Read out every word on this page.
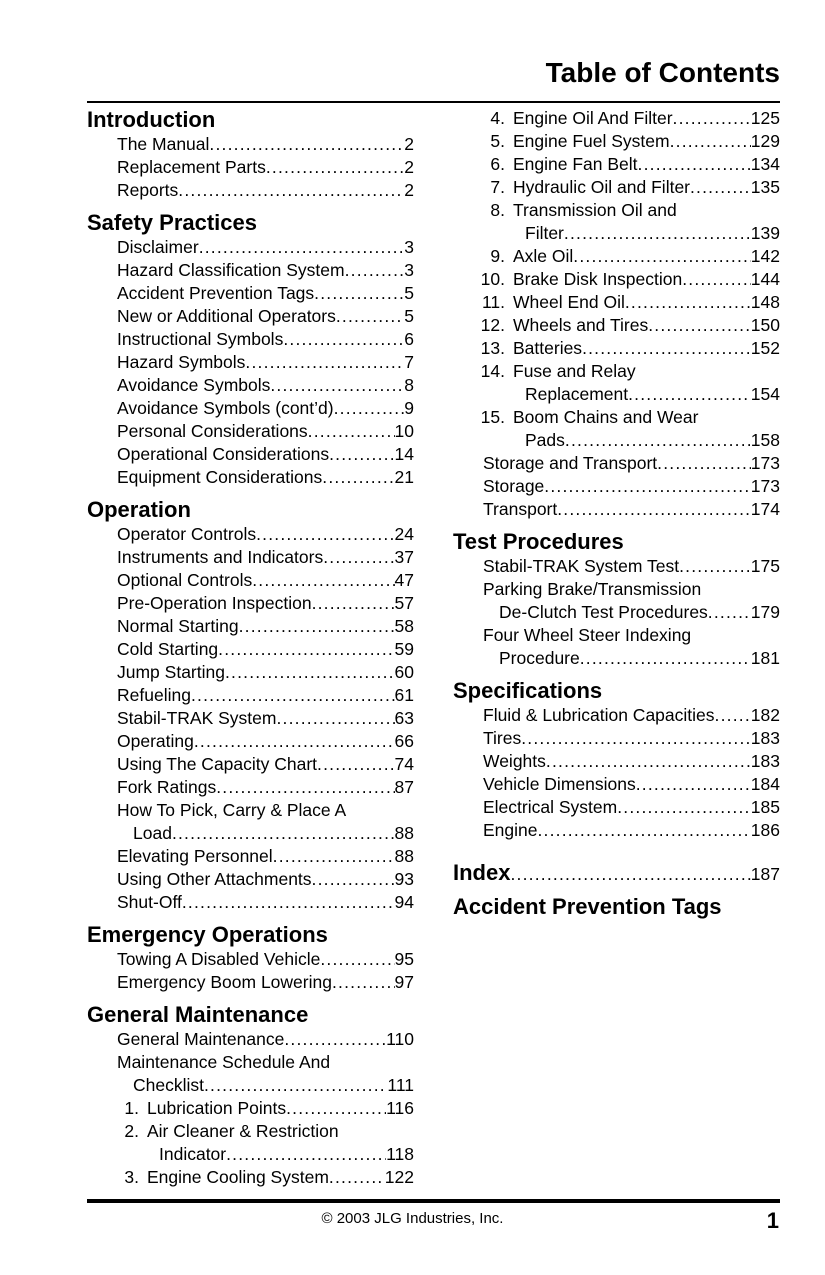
Table of Contents
Introduction
The Manual .....	2
Replacement Parts .....	2
Reports .....	2
Safety Practices
Disclaimer .....	3
Hazard Classification System .....	3
Accident Prevention Tags .....	5
New or Additional Operators .....	5
Instructional Symbols .....	6
Hazard Symbols .....	7
Avoidance Symbols .....	8
Avoidance Symbols (cont’d) .....	9
Personal Considerations .....	10
Operational Considerations .....	14
Equipment Considerations .....	21
Operation
Operator Controls .....	24
Instruments and Indicators .....	37
Optional Controls .....	47
Pre-Operation Inspection .....	57
Normal Starting .....	58
Cold Starting .....	59
Jump Starting .....	60
Refueling .....	61
Stabil-TRAK System .....	63
Operating .....	66
Using The Capacity Chart .....	74
Fork Ratings .....	87
How To Pick, Carry & Place A
Load .....	88
Elevating Personnel .....	88
Using Other Attachments .....	93
Shut-Off .....	94
Emergency Operations
Towing A Disabled Vehicle .....	95
Emergency Boom Lowering .....	97
General Maintenance
General Maintenance .....	110
Maintenance Schedule And
Checklist .....	111
1. Lubrication Points .....	116
2. Air Cleaner & Restriction
Indicator .....	118
3. Engine Cooling System .....	122
4. Engine Oil And Filter .....	125
5. Engine Fuel System .....	129
6. Engine Fan Belt .....	134
7. Hydraulic Oil and Filter .....	135
8. Transmission Oil and
Filter .....	139
9. Axle Oil .....	142
10. Brake Disk Inspection .....	144
11. Wheel End Oil .....	148
12. Wheels and Tires .....	150
13. Batteries .....	152
14. Fuse and Relay
Replacement .....	154
15. Boom Chains and Wear
Pads .....	158
Storage and Transport .....	173
Storage .....	173
Transport .....	174
Test Procedures
Stabil-TRAK System Test .....	175
Parking Brake/Transmission
De-Clutch Test Procedures ..... 179
Four Wheel Steer Indexing
Procedure .....	181
Specifications
Fluid & Lubrication Capacities ..... 182
Tires .....	183
Weights .....	183
Vehicle Dimensions .....	184
Electrical System .....	185
Engine .....	186
Index .....	187
Accident Prevention Tags
© 2003 JLG Industries, Inc.	1
